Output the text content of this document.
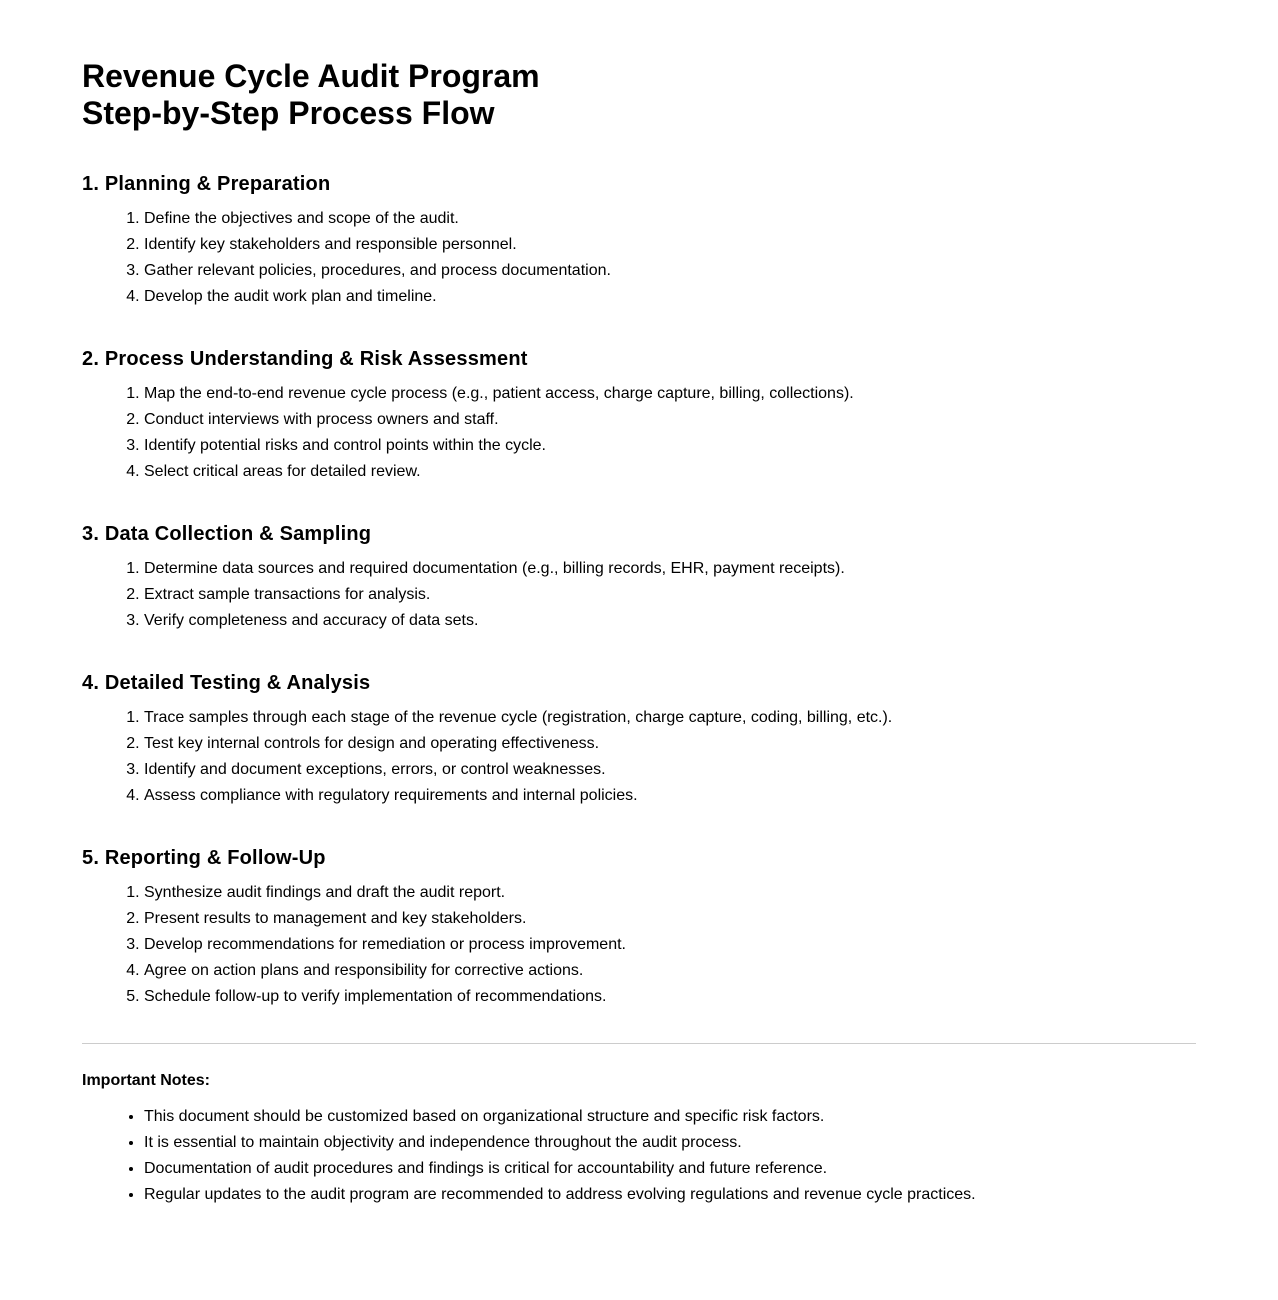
Revenue Cycle Audit Program
Step-by-Step Process Flow
1. Planning & Preparation
1. Define the objectives and scope of the audit.
2. Identify key stakeholders and responsible personnel.
3. Gather relevant policies, procedures, and process documentation.
4. Develop the audit work plan and timeline.
2. Process Understanding & Risk Assessment
1. Map the end-to-end revenue cycle process (e.g., patient access, charge capture, billing, collections).
2. Conduct interviews with process owners and staff.
3. Identify potential risks and control points within the cycle.
4. Select critical areas for detailed review.
3. Data Collection & Sampling
1. Determine data sources and required documentation (e.g., billing records, EHR, payment receipts).
2. Extract sample transactions for analysis.
3. Verify completeness and accuracy of data sets.
4. Detailed Testing & Analysis
1. Trace samples through each stage of the revenue cycle (registration, charge capture, coding, billing, etc.).
2. Test key internal controls for design and operating effectiveness.
3. Identify and document exceptions, errors, or control weaknesses.
4. Assess compliance with regulatory requirements and internal policies.
5. Reporting & Follow-Up
1. Synthesize audit findings and draft the audit report.
2. Present results to management and key stakeholders.
3. Develop recommendations for remediation or process improvement.
4. Agree on action plans and responsibility for corrective actions.
5. Schedule follow-up to verify implementation of recommendations.

Important Notes:

• This document should be customized based on organizational structure and specific risk factors.
• It is essential to maintain objectivity and independence throughout the audit process.
• Documentation of audit procedures and findings is critical for accountability and future reference.
• Regular updates to the audit program are recommended to address evolving regulations and revenue cycle practices.
